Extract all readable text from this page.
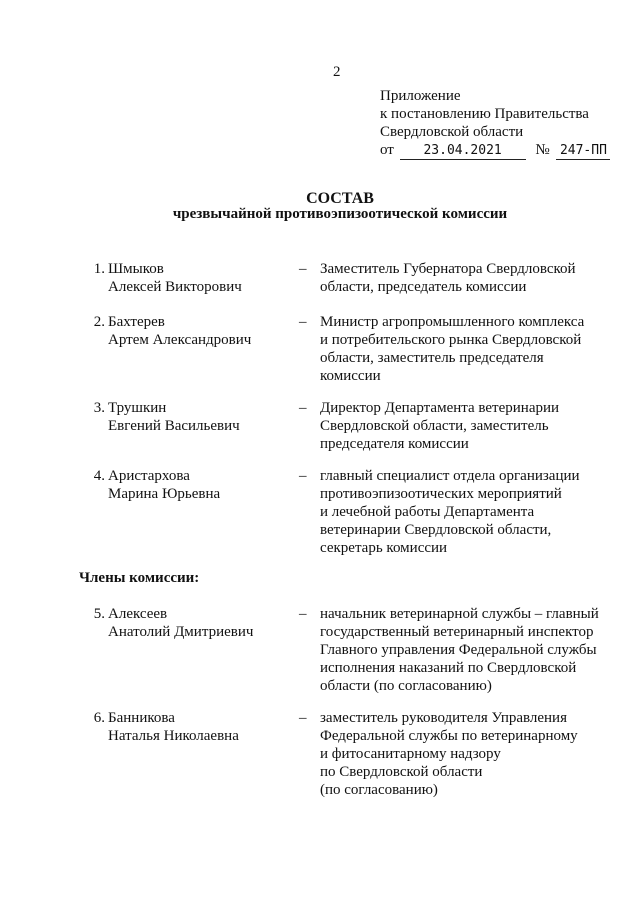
2
Приложение
к постановлению Правительства
Свердловской области
от 23.04.2021 № 247-ПП
СОСТАВ
чрезвычайной противоэпизоотической комиссии
1. Шмыков
Алексей Викторович
– Заместитель Губернатора Свердловской
области, председатель комиссии
2. Бахтерев
Артем Александрович
– Министр агропромышленного комплекса
и потребительского рынка Свердловской
области, заместитель председателя
комиссии
3. Трушкин
Евгений Васильевич
– Директор Департамента ветеринарии
Свердловской области, заместитель
председателя комиссии
4. Аристархова
Марина Юрьевна
– главный специалист отдела организации
противоэпизоотических мероприятий
и лечебной работы Департамента
ветеринарии Свердловской области,
секретарь комиссии
Члены комиссии:
5. Алексеев
Анатолий Дмитриевич
– начальник ветеринарной службы – главный
государственный ветеринарный инспектор
Главного управления Федеральной службы
исполнения наказаний по Свердловской
области (по согласованию)
6. Банникова
Наталья Николаевна
– заместитель руководителя Управления
Федеральной службы по ветеринарному
и фитосанитарному надзору
по Свердловской области
(по согласованию)
